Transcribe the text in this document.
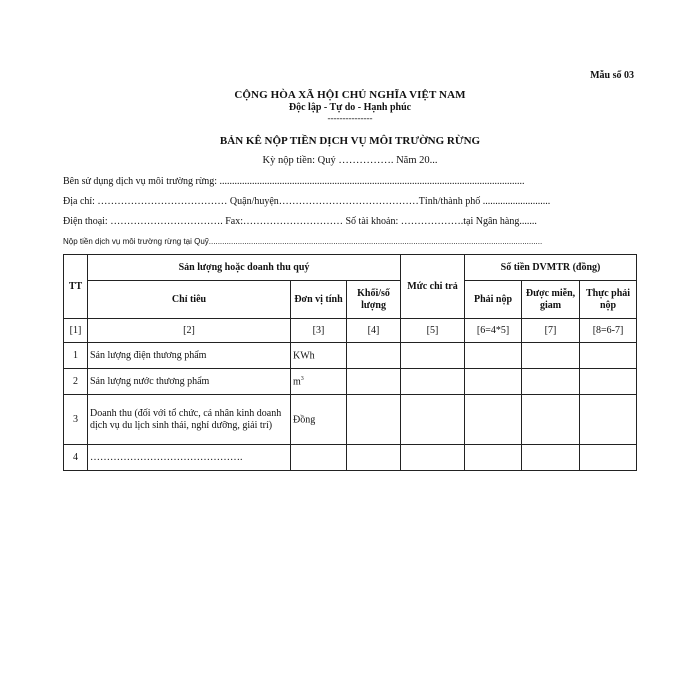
Mẫu số 03
CỘNG HÒA XÃ HỘI CHỦ NGHĨA VIỆT NAM
Độc lập - Tự do - Hạnh phúc
---------------
BẢN KÊ NỘP TIỀN DỊCH VỤ MÔI TRƯỜNG RỪNG
Kỳ nộp tiền: Quý ……………. Năm 20...
Bên sử dụng dịch vụ môi trường rừng: ..........................................................................................................................
Địa chỉ: ………………………………… Quận/huyện……………………………………Tỉnh/thành phố ...........................
Điện thoại: ……………………………. Fax:………………………… Số tài khoản: ……………….tại Ngân hàng.......
Nộp tiền dịch vụ môi trường rừng tại Quỹ......................................................................................................................................................
TT	Sản lượng hoặc doanh thu quý			Mức chi trả	Số tiền DVMTR (đồng)		
	Chỉ tiêu	Đơn vị tính	Khối/số lượng		Phải nộp	Được miễn, giam	Thực phải nộp
[1]	[2]	[3]	[4]	[5]	[6=4*5]	[7]	[8=6-7]
1	Sản lượng điện thương phẩm	KWh					
2	Sản lượng nước thương phẩm	$m^3$					
3	Doanh thu (đối với tổ chức, cá nhân kinh doanh dịch vụ du lịch sinh thái, nghỉ dưỡng, giải trí)	Đồng					
4	……………………………………….						
